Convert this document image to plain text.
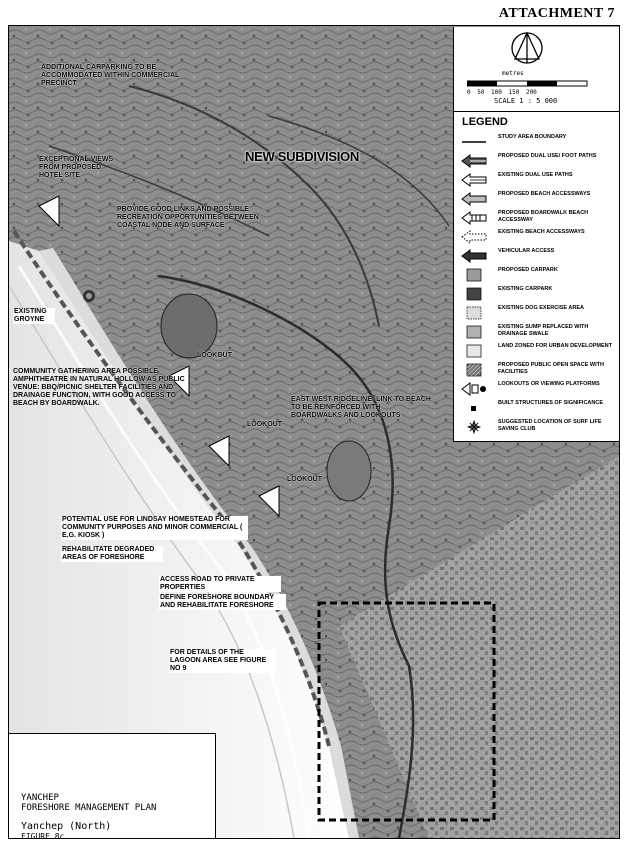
ATTACHMENT 7
metres
0 50 100 150 200
SCALE 1 : 5 000
LEGEND
STUDY AREA BOUNDARY
PROPOSED DUAL USE/ FOOT PATHS
EXISTING DUAL USE PATHS
PROPOSED BEACH ACCESSWAYS
PROPOSED BOARDWALK BEACH ACCESSWAY
EXISTING BEACH ACCESSWAYS
VEHICULAR ACCESS
PROPOSED CARPARK
EXISTING CARPARK
EXISTING DOG EXERCISE AREA
EXISTING SUMP REPLACED WITH DRAINAGE SWALE
LAND ZONED FOR URBAN DEVELOPMENT
PROPOSED PUBLIC OPEN SPACE WITH FACILITIES
LOOKOUTS OR VIEWING PLATFORMS
BUILT STRUCTURES OF SIGNIFICANCE
SUGGESTED LOCATION OF SURF LIFE SAVING CLUB
ADDITIONAL CARPARKING TO BE ACCOMMODATED WITHIN COMMERCIAL PRECINCT
EXCEPTIONAL VIEWS FROM PROPOSED HOTEL SITE
NEW SUBDIVISION
PROVIDE GOOD LINKS AND POSSIBLE RECREATION OPPORTUNITIES BETWEEN COASTAL NODE AND SURFACE
EXISTING GROYNE
LOOKOUT
COMMUNITY GATHERING AREA POSSIBLE AMPHITHEATRE IN NATURAL HOLLOW AS PUBLIC VENUE: BBQ/PICNIC SHELTER FACILITIES AND DRAINAGE FUNCTION, WITH GOOD ACCESS TO BEACH BY BOARDWALK.
EAST WEST RIDGELINE: LINK TO BEACH TO BE REINFORCED WITH BOARDWALKS AND LOOKOUTS
LOOKOUT
LOOKOUT
POTENTIAL USE FOR LINDSAY HOMESTEAD FOR COMMUNITY PURPOSES AND MINOR COMMERCIAL ( E.G. KIOSK )
REHABILITATE DEGRADED AREAS OF FORESHORE
ACCESS ROAD TO PRIVATE PROPERTIES
DEFINE FORESHORE BOUNDARY AND REHABILITATE FORESHORE
FOR DETAILS OF THE LAGOON AREA SEE FIGURE NO 9
YANCHEP
FORESHORE MANAGEMENT PLAN
Yanchep (North)
FIGURE 8c
